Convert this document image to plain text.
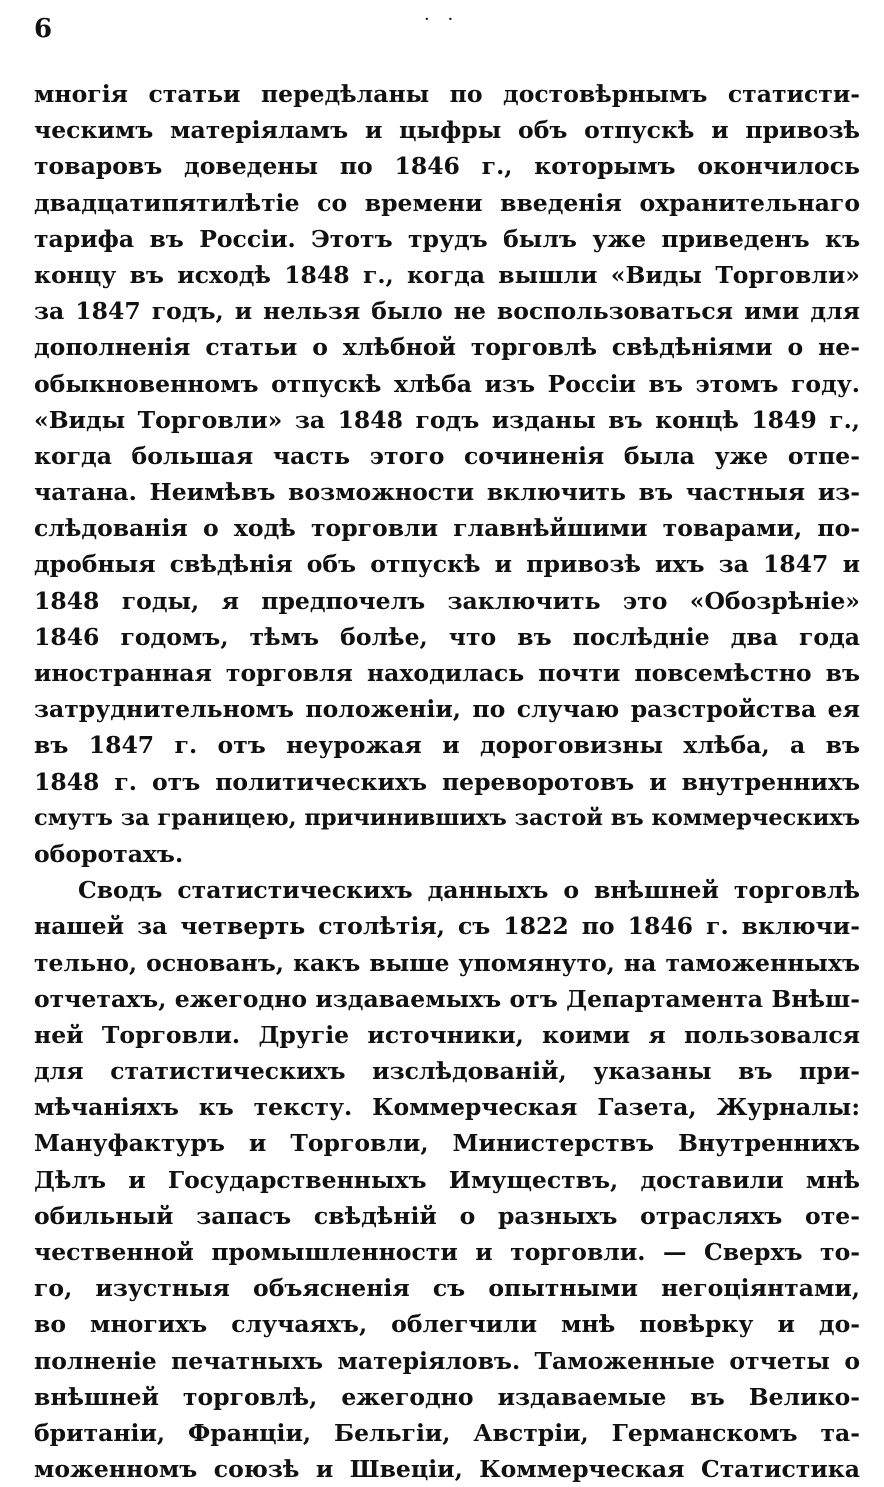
6	· ·
многія статьи передѣланы по достовѣрнымъ статисти-
ческимъ матеріяламъ и цыфры объ отпускѣ и привозѣ
товаровъ доведены по 1846 г., которымъ окончилось
двадцатипятилѣтіе со времени введенія охранительнаго
тарифа въ Россіи. Этотъ трудъ былъ уже приведенъ къ
концу въ исходѣ 1848 г., когда вышли «Виды Торговли»
за 1847 годъ, и нельзя было не воспользоваться ими для
дополненія статьи о хлѣбной торговлѣ свѣдѣніями о не-
обыкновенномъ отпускѣ хлѣба изъ Россіи въ этомъ году.
«Виды Торговли» за 1848 годъ изданы въ концѣ 1849 г.,
когда большая часть этого сочиненія была уже отпе-
чатана. Неимѣвъ возможности включить въ частныя из-
слѣдованія о ходѣ торговли главнѣйшими товарами, по-
дробныя свѣдѣнія объ отпускѣ и привозѣ ихъ за 1847 и
1848 годы, я предпочелъ заключить это «Обозрѣніе»
1846 годомъ, тѣмъ болѣе, что въ послѣдніе два года
иностранная торговля находилась почти повсемѣстно въ
затруднительномъ положеніи, по случаю разстройства ея
въ 1847 г. отъ неурожая и дороговизны хлѣба, а въ
1848 г. отъ политическихъ переворотовъ и внутреннихъ
смутъ за границею, причинившихъ застой въ коммерческихъ
оборотахъ.
Сводъ статистическихъ данныхъ о внѣшней торговлѣ
нашей за четверть столѣтія, съ 1822 по 1846 г. включи-
тельно, основанъ, какъ выше упомянуто, на таможенныхъ
отчетахъ, ежегодно издаваемыхъ отъ Департамента Внѣш-
ней Торговли. Другіе источники, коими я пользовался
для статистическихъ изслѣдованій, указаны въ при-
мѣчаніяхъ къ тексту. Коммерческая Газета, Журналы:
Мануфактуръ и Торговли, Министерствъ Внутреннихъ
Дѣлъ и Государственныхъ Имуществъ, доставили мнѣ
обильный запасъ свѣдѣній о разныхъ отрасляхъ оте-
чественной промышленности и торговли. — Сверхъ то-
го, изустныя объясненія съ опытными негоціянтами,
во многихъ случаяхъ, облегчили мнѣ повѣрку и до-
полненіе печатныхъ матеріяловъ. Таможенные отчеты о
внѣшней торговлѣ, ежегодно издаваемые въ Велико-
британіи, Франціи, Бельгіи, Австріи, Германскомъ та-
моженномъ союзѣ и Швеціи, Коммерческая Статистика
